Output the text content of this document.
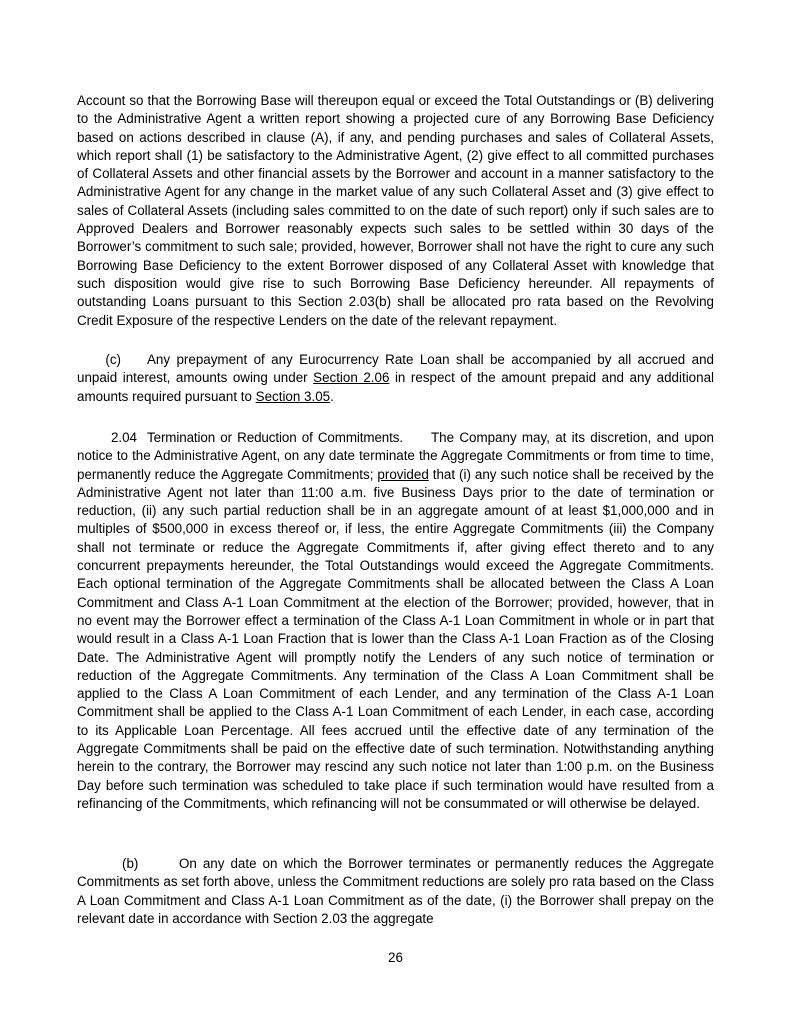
Account so that the Borrowing Base will thereupon equal or exceed the Total Outstandings or (B) delivering to the Administrative Agent a written report showing a projected cure of any Borrowing Base Deficiency based on actions described in clause (A), if any, and pending purchases and sales of Collateral Assets, which report shall (1) be satisfactory to the Administrative Agent, (2) give effect to all committed purchases of Collateral Assets and other financial assets by the Borrower and account in a manner satisfactory to the Administrative Agent for any change in the market value of any such Collateral Asset and (3) give effect to sales of Collateral Assets (including sales committed to on the date of such report) only if such sales are to Approved Dealers and Borrower reasonably expects such sales to be settled within 30 days of the Borrower’s commitment to such sale; provided, however, Borrower shall not have the right to cure any such Borrowing Base Deficiency to the extent Borrower disposed of any Collateral Asset with knowledge that such disposition would give rise to such Borrowing Base Deficiency hereunder. All repayments of outstanding Loans pursuant to this Section 2.03(b) shall be allocated pro rata based on the Revolving Credit Exposure of the respective Lenders on the date of the relevant repayment.

(c) Any prepayment of any Eurocurrency Rate Loan shall be accompanied by all accrued and unpaid interest, amounts owing under Section 2.06 in respect of the amount prepaid and any additional amounts required pursuant to Section 3.05.

2.04 Termination or Reduction of Commitments. The Company may, at its discretion, and upon notice to the Administrative Agent, on any date terminate the Aggregate Commitments or from time to time, permanently reduce the Aggregate Commitments; provided that (i) any such notice shall be received by the Administrative Agent not later than 11:00 a.m. five Business Days prior to the date of termination or reduction, (ii) any such partial reduction shall be in an aggregate amount of at least $1,000,000 and in multiples of $500,000 in excess thereof or, if less, the entire Aggregate Commitments (iii) the Company shall not terminate or reduce the Aggregate Commitments if, after giving effect thereto and to any concurrent prepayments hereunder, the Total Outstandings would exceed the Aggregate Commitments. Each optional termination of the Aggregate Commitments shall be allocated between the Class A Loan Commitment and Class A-1 Loan Commitment at the election of the Borrower; provided, however, that in no event may the Borrower effect a termination of the Class A-1 Loan Commitment in whole or in part that would result in a Class A-1 Loan Fraction that is lower than the Class A-1 Loan Fraction as of the Closing Date. The Administrative Agent will promptly notify the Lenders of any such notice of termination or reduction of the Aggregate Commitments. Any termination of the Class A Loan Commitment shall be applied to the Class A Loan Commitment of each Lender, and any termination of the Class A-1 Loan Commitment shall be applied to the Class A-1 Loan Commitment of each Lender, in each case, according to its Applicable Loan Percentage. All fees accrued until the effective date of any termination of the Aggregate Commitments shall be paid on the effective date of such termination. Notwithstanding anything herein to the contrary, the Borrower may rescind any such notice not later than 1:00 p.m. on the Business Day before such termination was scheduled to take place if such termination would have resulted from a refinancing of the Commitments, which refinancing will not be consummated or will otherwise be delayed.

(b)	On any date on which the Borrower terminates or permanently reduces the Aggregate Commitments as set forth above, unless the Commitment reductions are solely pro rata based on the Class A Loan Commitment and Class A-1 Loan Commitment as of the date, (i) the Borrower shall prepay on the relevant date in accordance with Section 2.03 the aggregate

26
